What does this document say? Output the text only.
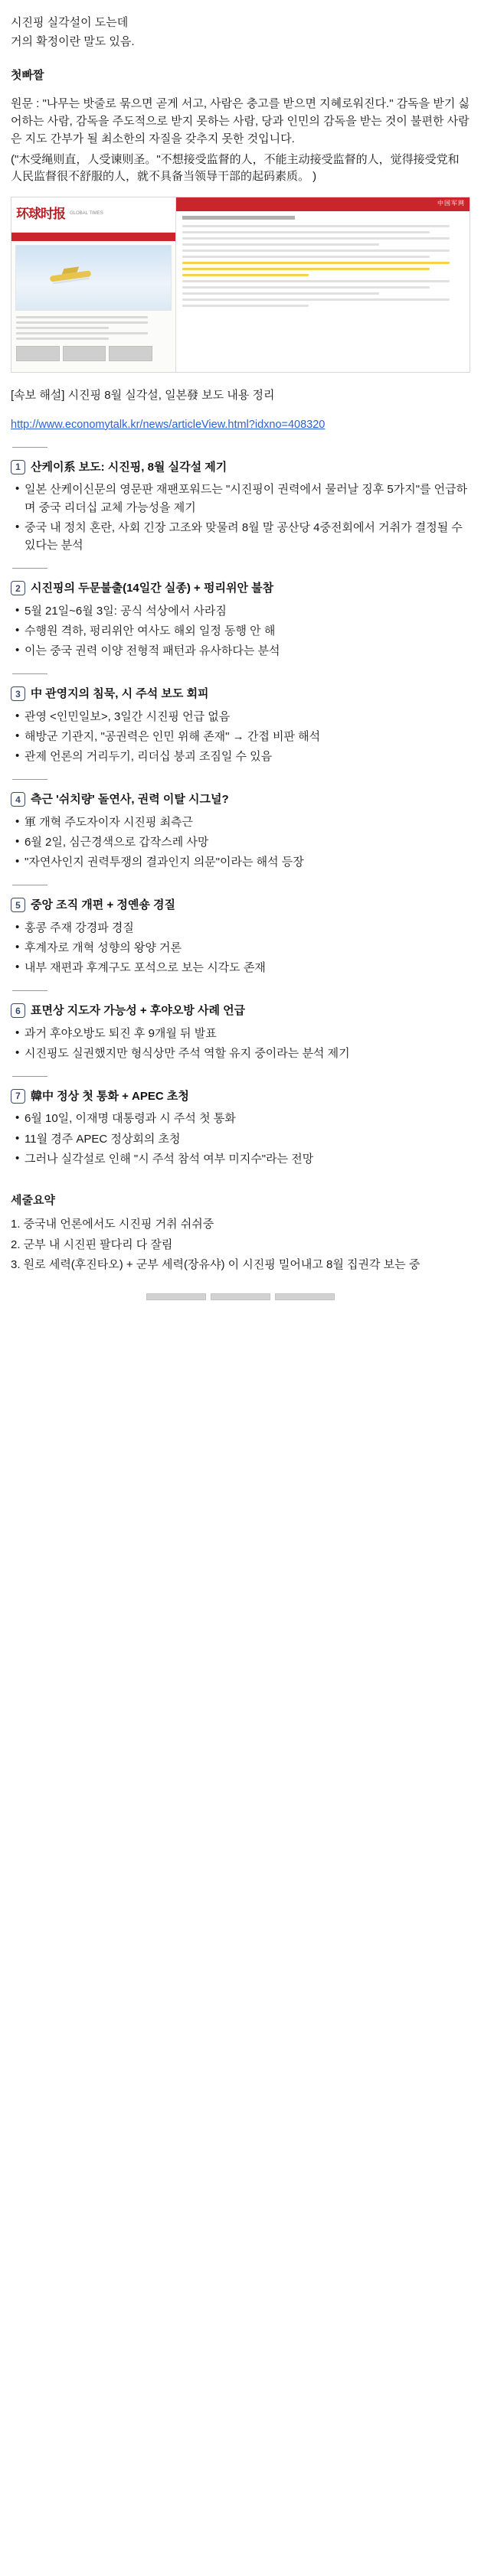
시진핑 실각설이 도는데

거의 확정이란 말도 있음.

첫빠짤

원문 : "나무는 밧줄로 묶으면 곧게 서고, 사람은 충고를 받으면 지혜로워진다." 감독을 받기 싫어하는 사람, 감독을 주도적으로 받지 못하는 사람, 당과 인민의 감독을 받는 것이 불편한 사람은 지도 간부가 될 최소한의 자질을 갖추지 못한 것입니다.

("木受绳则直，人受谏则圣。"不想接受监督的人，不能主动接受监督的人，觉得接受党和人民监督很不舒服的人，就不具备当领导干部的起码素质。 )

环球时报 GLOBAL TIMES
中国军网

[속보 해설] 시진핑 8월 실각설, 일본發 보도 내용 정리

http://www.economytalk.kr/news/articleView.html?idxno=408320
1 산케이系 보도: 시진핑, 8월 실각설 제기
• 일본 산케이신문의 영문판 재팬포워드는 "시진핑이 권력에서 물러날 징후 5가지"를 언급하며 중국 리더십 교체 가능성을 제기
• 중국 내 정치 혼란, 사회 긴장 고조와 맞물려 8월 말 공산당 4중전회에서 거취가 결정될 수 있다는 분석
2 시진핑의 두문불출(14일간 실종) + 펑리위안 불참
• 5월 21일~6월 3일: 공식 석상에서 사라짐
• 수행원 격하, 펑리위안 여사도 해외 일정 동행 안 해
• 이는 중국 권력 이양 전형적 패턴과 유사하다는 분석
3 中 관영지의 침묵, 시 주석 보도 회피
• 관영 <인민일보>, 3일간 시진핑 언급 없음
• 해방군 기관지, "공권력은 인민 위해 존재" → 간접 비판 해석
• 관제 언론의 거리두기, 리더십 붕괴 조짐일 수 있음
4 측근 '쉬치량' 돌연사, 권력 이탈 시그널?
• 軍 개혁 주도자이자 시진핑 최측근
• 6월 2일, 심근경색으로 갑작스레 사망
• "자연사인지 권력투쟁의 결과인지 의문"이라는 해석 등장
5 중앙 조직 개편 + 정옌숑 경질
• 홍콩 주재 강경파 경질
• 후계자로 개혁 성향의 왕양 거론
• 내부 재편과 후계구도 포석으로 보는 시각도 존재
6 표면상 지도자 가능성 + 후야오방 사례 언급
• 과거 후야오방도 퇴진 후 9개월 뒤 발표
• 시진핑도 실권했지만 형식상만 주석 역할 유지 중이라는 분석 제기
7 韓中 정상 첫 통화 + APEC 초청
• 6월 10일, 이재명 대통령과 시 주석 첫 통화
• 11월 경주 APEC 정상회의 초청
• 그러나 실각설로 인해 "시 주석 참석 여부 미지수"라는 전망

세줄요약

1. 중국내 언론에서도 시진핑 거취 쉬쉬중
2. 군부 내 시진핀 팔다리 다 잘림
3. 원로 세력(후진타오) + 군부 세력(장유샤) 이 시진핑 밀어내고 8월 집권각 보는 중
